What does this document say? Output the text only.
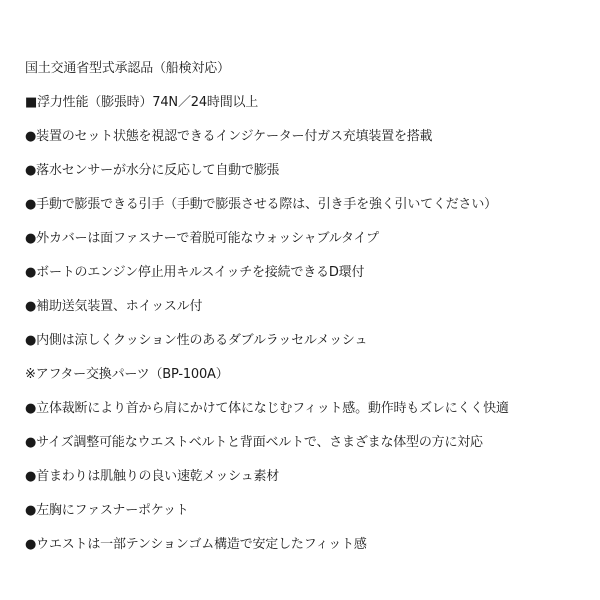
国土交通省型式承認品（船検対応）
■浮力性能（膨張時）74N／24時間以上
●装置のセット状態を視認できるインジケーター付ガス充填装置を搭載
●落水センサーが水分に反応して自動で膨張
●手動で膨張できる引手（手動で膨張させる際は、引き手を強く引いてください）
●外カバーは面ファスナーで着脱可能なウォッシャブルタイプ
●ボートのエンジン停止用キルスイッチを接続できるD環付
●補助送気装置、ホイッスル付
●内側は涼しくクッション性のあるダブルラッセルメッシュ
※アフター交換パーツ（BP-100A）
●立体裁断により首から肩にかけて体になじむフィット感。動作時もズレにくく快適
●サイズ調整可能なウエストベルトと背面ベルトで、さまざまな体型の方に対応
●首まわりは肌触りの良い速乾メッシュ素材
●左胸にファスナーポケット
●ウエストは一部テンションゴム構造で安定したフィット感
